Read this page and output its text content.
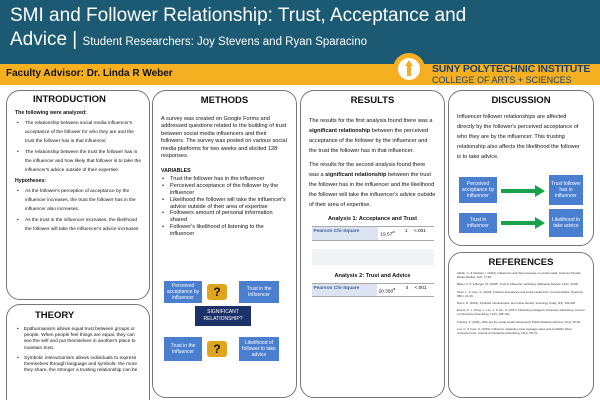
SMI and Follower Relationship: Trust, Acceptance and
Advice | Student Researchers: Joy Stevens and Ryan Sparacino
Faculty Advisor: Dr. Linda R Weber	SUNY POLYTECHNIC INSTITUTE
COLLEGE OF ARTS + SCIENCES
INTRODUCTION
The following were analyzed:
• The relationship between social media influencer's acceptance of the follower for who they are and the trust the follower has in that influencer.
• The relationship between the trust the follower has in the influencer and how likely that follower is to take the influencer's advice outside of their expertise.
Hypotheses:
• As the follower's perception of acceptance by the influencer increases, the trust the follower has in the influencer also increases.
• As the trust in the influencer increases, the likelihood the follower will take the influencer's advice increases
THEORY
• Epithumianism allows equal trust between groups or people. When people feel things are equal, they can see the self and put themselves in another's place to maintain trust.
• Symbolic interactionism allows individuals to express themselves through language and symbols- the more they share, the stronger a trusting relationship can be
METHODS
A survey was created on Google Forms and addressed questions related to the building of trust between social media influencers and their followers. The survey was posted on various social media platforms for two weeks and elicited 128 responses.
VARIABLES
• Trust the follower has in the influencer
• Perceived acceptance of the follower by the influencer
• Likelihood the follower will take the influencer's advice outside of their area of expertise
• Followers amount of personal information shared
• Follower's likelihood of listening to the influencer
Perceived acceptance by influencer	?	Trust in the Influencer
SIGNIFICANT RELATIONSHIP?
Trust in the Influencer	?	Likelihood of follower to take advice
RESULTS

The results for the first analysis found there was a significant relationship between the perceived acceptance of the follower by the influencer and the trust the follower has in that influencer.

The results for the second analysis found there was a significant relationship between the trust the follower has in the influencer and the likelihood the follower will take the influencer's advice outside of their area of expertise.

Analysis 1: Acceptance and Trust
Pearson Chi-Square	19.57$^a$	1	<.001
Analysis 2: Trust and Advice
Pearson Chi-Square	20.350$^a$	4	<.001
DISCUSSION

Influencer follower relationships are affected directly by the follower's perceived acceptance of who they are by the influencer. This trusting relationship also affects the likelihood the follower is to take advice.

Perceived acceptance by influencer
Trust follower has in influencer
Trust in influencer
Likelihood to take advice
REFERENCES
Abidin, C. & Karhawi, I. (2021). Influencers and their presence on social media. Journal of Social Media Studies, 4(2), 77-92.
Bauer, A. P. & Berger, M. (2018). Trust in influencer marketing. Marketing Review, 12(3), 44-58.
Chen, L. & Yoon, S. (2020). Follower acceptance and social media trust. Communication Quarterly, 68(1), 21-39.
Dixon, R. (2019). Symbolic interactionism and online identity. Sociology Today, 9(4), 102-118.
Evans, N. J., Phua, J., Lim, J. & Jun, H. (2017). Disclosing Instagram influencer advertising. Journal of Interactive Advertising, 17(2), 138-149.
Freberg, K. (2011). Who are the social media influencers? Public Relations Review, 37(1), 90-92.
Lou, C. & Yuan, S. (2019). Influencer marketing: How message value and credibility affect consumer trust. Journal of Interactive Advertising, 19(1), 58-73.
